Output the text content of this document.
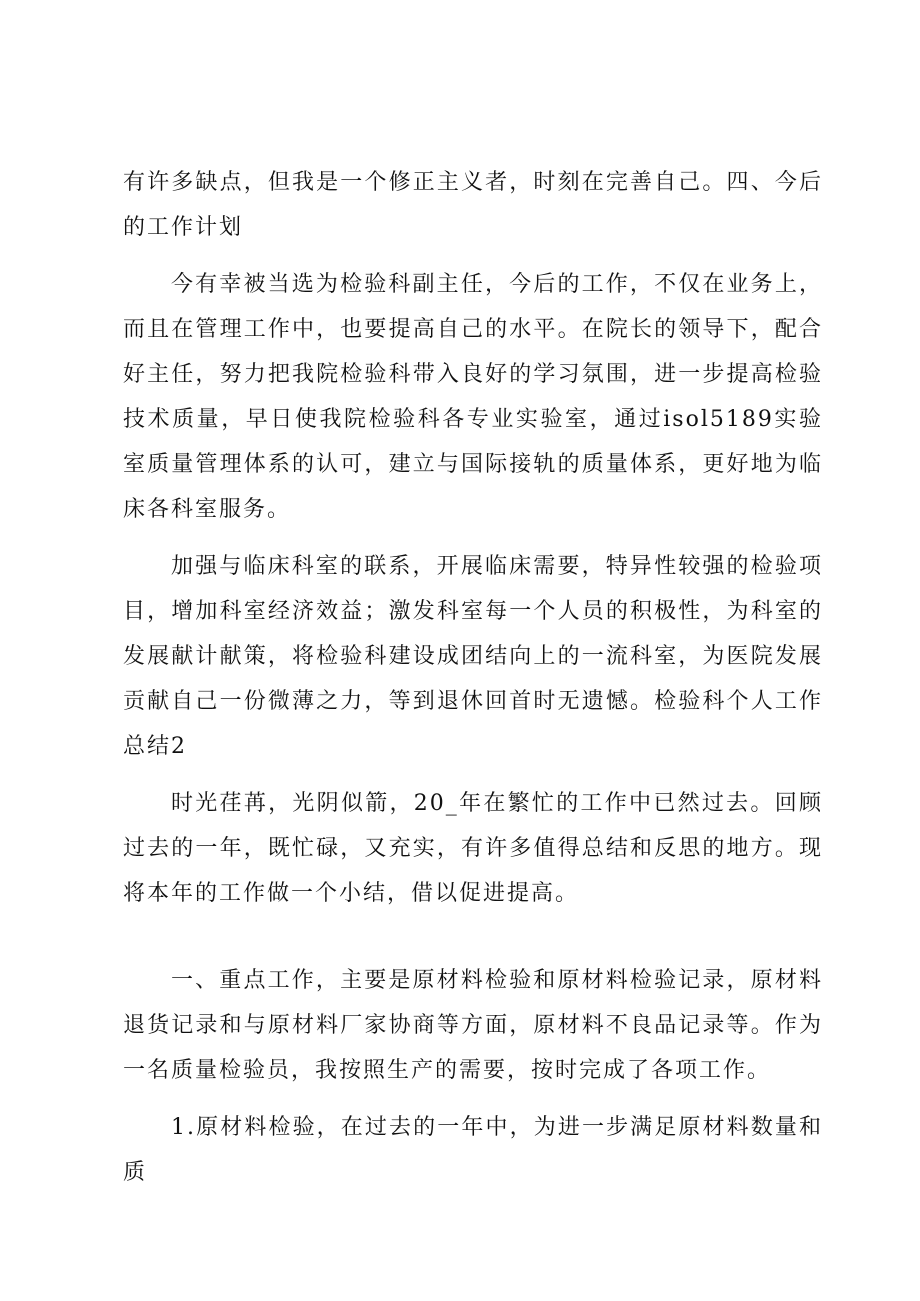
有许多缺点，但我是一个修正主义者，时刻在完善自己。四、今后的工作计划

今有幸被当选为检验科副主任，今后的工作，不仅在业务上，而且在管理工作中，也要提高自己的水平。在院长的领导下，配合好主任，努力把我院检验科带入良好的学习氛围，进一步提高检验技术质量，早日使我院检验科各专业实验室，通过isol5189实验室质量管理体系的认可，建立与国际接轨的质量体系，更好地为临床各科室服务。

加强与临床科室的联系，开展临床需要，特异性较强的检验项目，增加科室经济效益；激发科室每一个人员的积极性，为科室的发展献计献策，将检验科建设成团结向上的一流科室，为医院发展贡献自己一份微薄之力，等到退休回首时无遗憾。检验科个人工作总结2

时光荏苒，光阴似箭，20_年在繁忙的工作中已然过去。回顾过去的一年，既忙碌，又充实，有许多值得总结和反思的地方。现将本年的工作做一个小结，借以促进提高。

一、重点工作，主要是原材料检验和原材料检验记录，原材料退货记录和与原材料厂家协商等方面，原材料不良品记录等。作为一名质量检验员，我按照生产的需要，按时完成了各项工作。

1.原材料检验，在过去的一年中，为进一步满足原材料数量和质
